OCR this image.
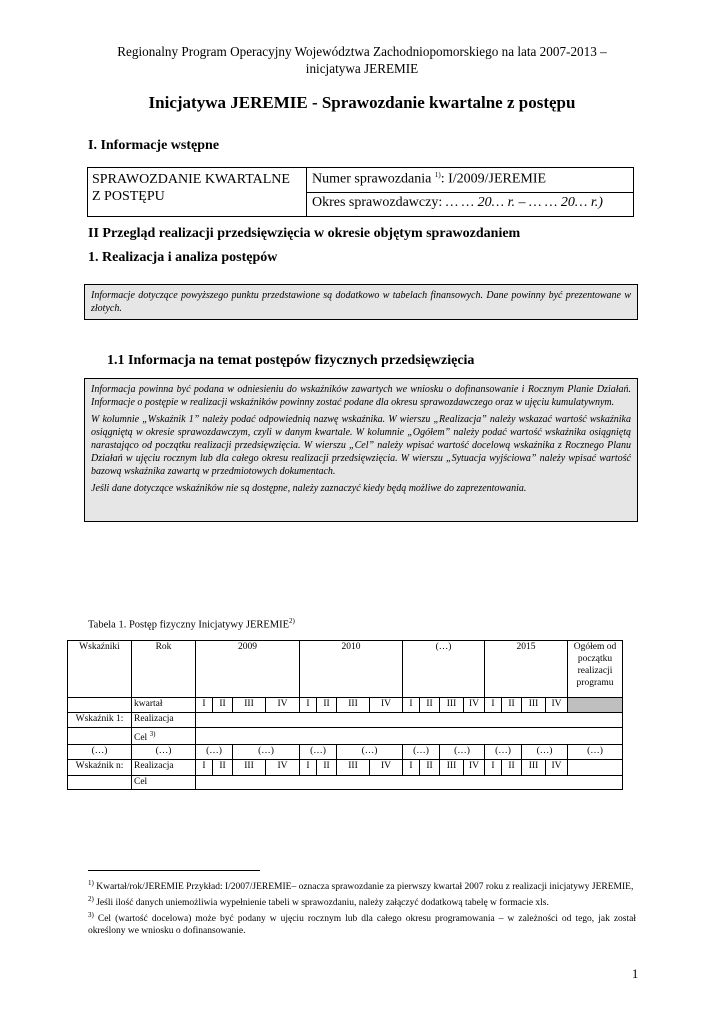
Regionalny Program Operacyjny Województwa Zachodniopomorskiego na lata 2007-2013 –
inicjatywa JEREMIE
Inicjatywa JEREMIE - Sprawozdanie kwartalne z postępu
I. Informacje wstępne
SPRAWOZDANIE KWARTALNE
Z POSTĘPU
Numer sprawozdania $^{1)}$: I/2009/JEREMIE
Okres sprawozdawczy: … … 20… r. – … … 20… r.)
II Przegląd realizacji przedsięwzięcia w okresie objętym sprawozdaniem
1. Realizacja i analiza postępów

Informacje dotyczące powyższego punktu przedstawione są dodatkowo w tabelach finansowych. Dane powinny być prezentowane w złotych.

1.1 Informacja na temat postępów fizycznych przedsięwzięcia

Informacja powinna być podana w odniesieniu do wskaźników zawartych we wniosku o dofinansowanie i Rocznym Planie Działań. Informacje o postępie w realizacji wskaźników powinny zostać podane dla okresu sprawozdawczego oraz w ujęciu kumulatywnym.

W kolumnie „Wskaźnik 1” należy podać odpowiednią nazwę wskaźnika. W wierszu „Realizacja” należy wskazać wartość wskaźnika osiągniętą w okresie sprawozdawczym, czyli w danym kwartale. W kolumnie „Ogółem” należy podać wartość wskaźnika osiągniętą narastająco od początku realizacji przedsięwzięcia. W wierszu „Cel” należy wpisać wartość docelową wskaźnika z Rocznego Planu Działań w ujęciu rocznym lub dla całego okresu realizacji przedsięwzięcia. W wierszu „Sytuacja wyjściowa” należy wpisać wartość bazową wskaźnika zawartą w przedmiotowych dokumentach.

Jeśli dane dotyczące wskaźników nie są dostępne, należy zaznaczyć kiedy będą możliwe do zaprezentowania.

Tabela 1. Postęp fizyczny Inicjatywy JEREMIE$^{2)}$
Wskaźniki	Rok	2009				2010				(…)				2015				Ogółem od początku realizacji programu
	kwartał	I	II	III	IV	I	II	III	IV	I	II	III	IV	I	II	III	IV	
Wskaźnik 1:	Realizacja																	
	Cel $^{3)}$	
(…)	(…)	(…)		(…)		(…)		(…)		(…)		(…)		(…)		(…)		(…)
Wskaźnik n:	Realizacja	I	II	III	IV	I	II	III	IV	I	II	III	IV	I	II	III	IV	
	Cel																	

$^{1)}$ Kwartał/rok/JEREMIE Przykład: I/2007/JEREMIE– oznacza sprawozdanie za pierwszy kwartał 2007 roku z realizacji inicjatywy JEREMIE,

$^{2)}$ Jeśli ilość danych uniemożliwia wypełnienie tabeli w sprawozdaniu, należy załączyć dodatkową tabelę w formacie xls.

$^{3)}$ Cel (wartość docelowa) może być podany w ujęciu rocznym lub dla całego okresu programowania – w zależności od tego, jak został określony we wniosku o dofinansowanie.

1
